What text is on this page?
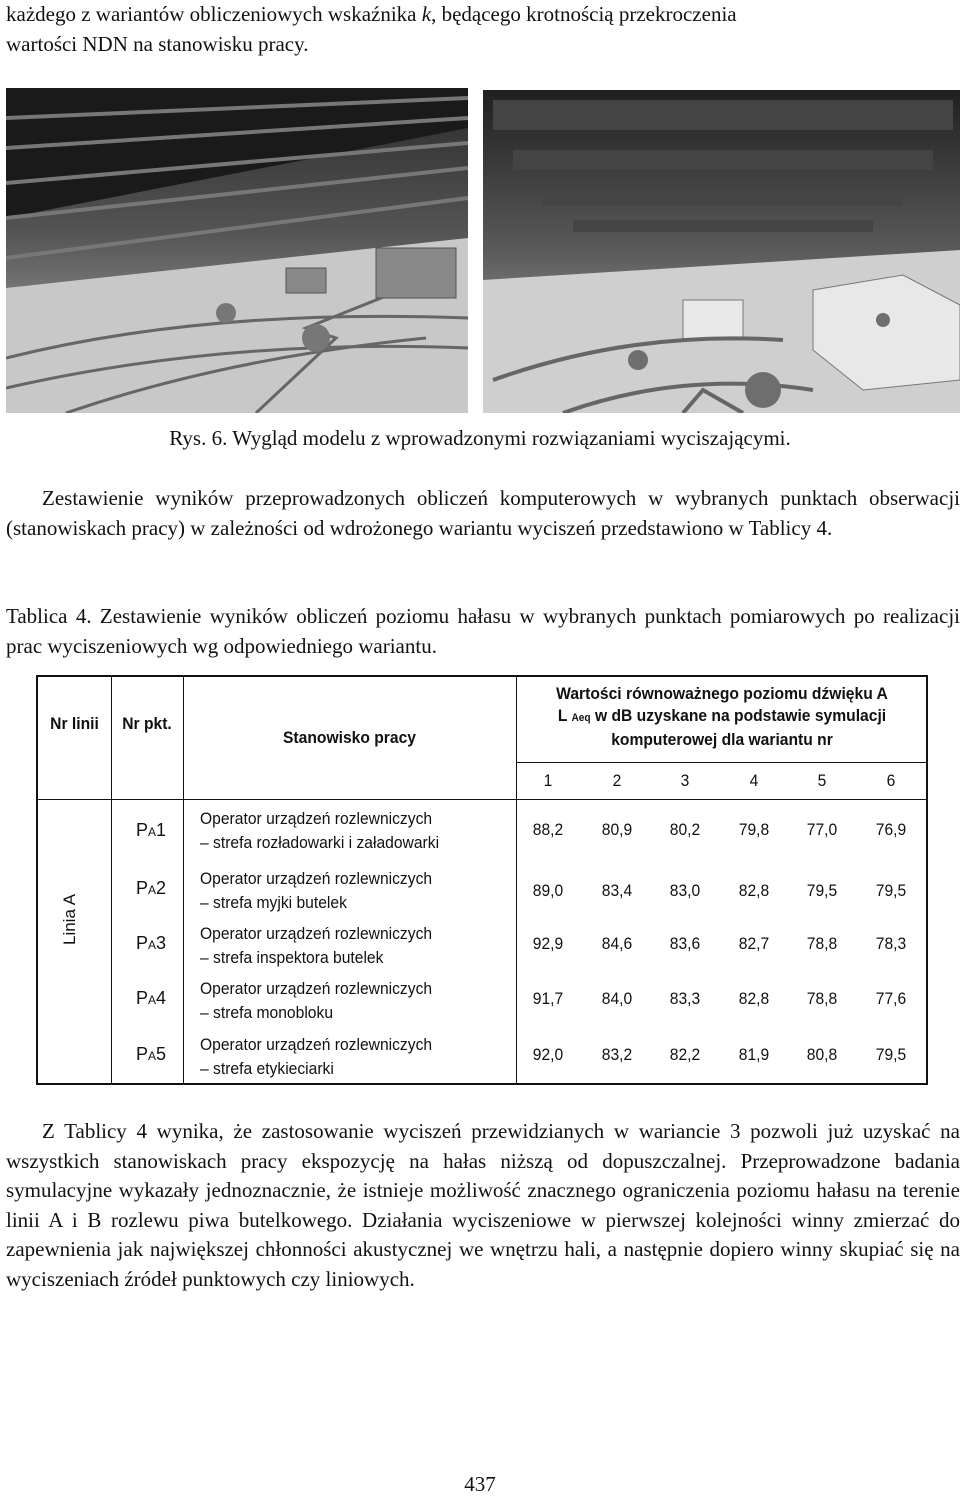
każdego z wariantów obliczeniowych wskaźnika k, będącego krotnością przekroczenia
wartości NDN na stanowisku pracy.

Rys. 6. Wygląd modelu z wprowadzonymi rozwiązaniami wyciszającymi.

Zestawienie wyników przeprowadzonych obliczeń komputerowych w wybranych punktach obserwacji (stanowiskach pracy) w zależności od wdrożonego wariantu wyciszeń przedstawiono w Tablicy 4.

Tablica 4. Zestawienie wyników obliczeń poziomu hałasu w wybranych punktach pomiarowych po realizacji prac wyciszeniowych wg odpowiedniego wariantu.

Nr linii	Nr pkt.
Stanowisko pracy
Wartości równoważnego poziomu dźwięku A
L Aeq w dB uzyskane na podstawie symulacji
komputerowej dla wariantu nr
1	2	3	4	5	6
Linia A
PA1
Operator urządzeń rozlewniczych
– strefa rozładowarki i załadowarki
88,2	80,9	80,2	79,8	77,0	76,9
PA2 Operator urządzeń rozlewniczych
– strefa myjki butelek
89,0	83,4	83,0	82,8	79,5	79,5
PA3 Operator urządzeń rozlewniczych
– strefa inspektora butelek
92,9	84,6	83,6	82,7	78,8	78,3
PA4 Operator urządzeń rozlewniczych
– strefa monobloku
91,7	84,0	83,3	82,8	78,8	77,6
PA5 Operator urządzeń rozlewniczych
– strefa etykieciarki
92,0	83,2	82,2	81,9	80,8	79,5

Z Tablicy 4 wynika, że zastosowanie wyciszeń przewidzianych w wariancie 3 pozwoli już uzyskać na wszystkich stanowiskach pracy ekspozycję na hałas niższą od dopuszczalnej. Przeprowadzone badania symulacyjne wykazały jednoznacznie, że istnieje możliwość znacznego ograniczenia poziomu hałasu na terenie linii A i B rozlewu piwa butelkowego. Działania wyciszeniowe w pierwszej kolejności winny zmierzać do zapewnienia jak największej chłonności akustycznej we wnętrzu hali, a następnie dopiero winny skupiać się na wyciszeniach źródeł punktowych czy liniowych.

437
